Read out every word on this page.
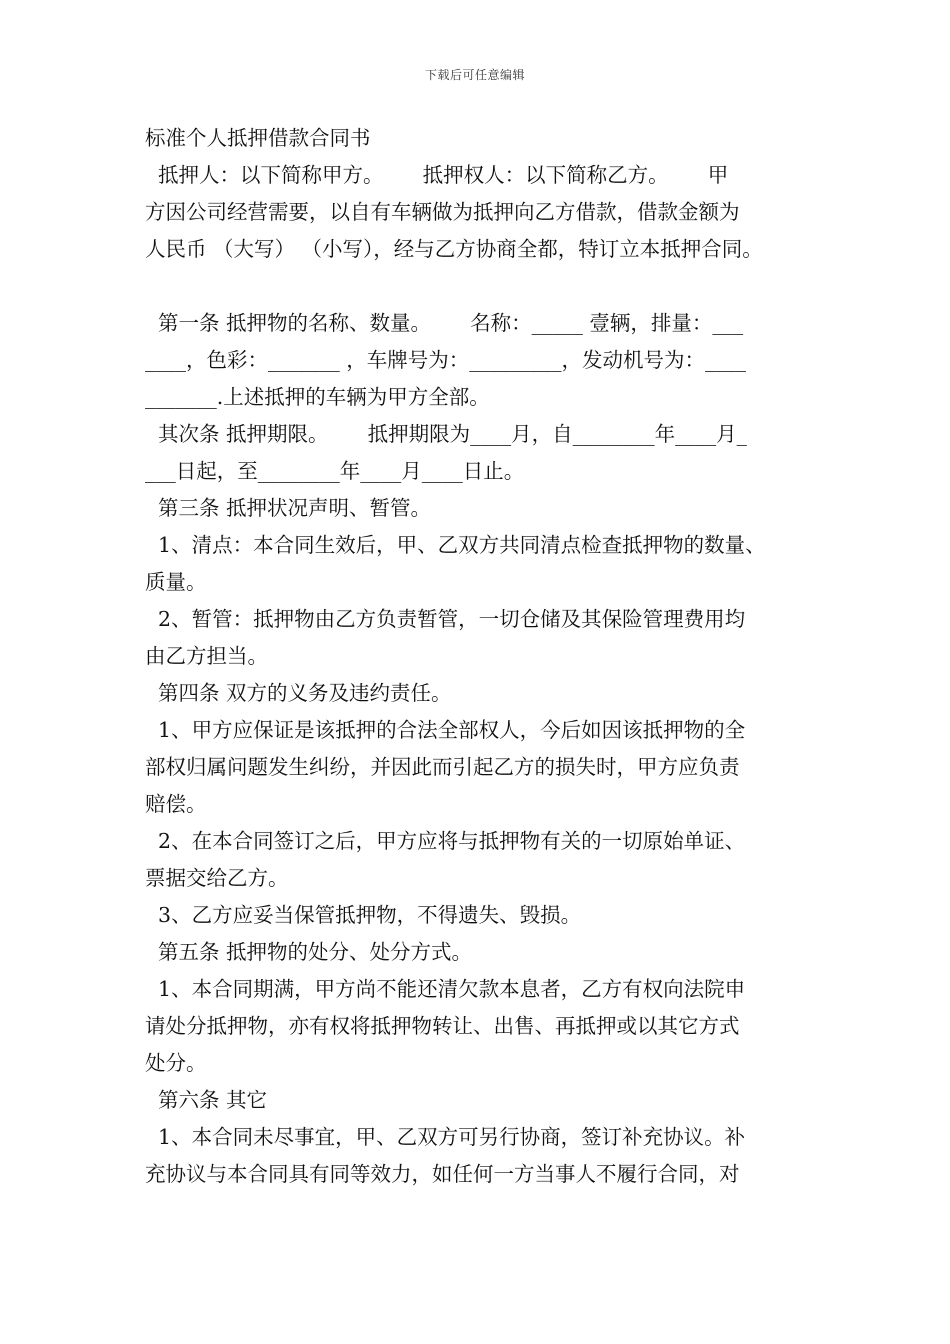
下载后可任意编辑
标准个人抵押借款合同书
抵押人：以下简称甲方。      抵押权人：以下简称乙方。      甲
方因公司经营需要，以自有车辆做为抵押向乙方借款，借款金额为
人民币 （大写） （小写），经与乙方协商全都，特订立本抵押合同。
第一条 抵押物的名称、数量。      名称：_____ 壹辆，排量：___
____，色彩：_______ ，车牌号为：_________，发动机号为：____
_______.上述抵押的车辆为甲方全部。
其次条 抵押期限。      抵押期限为____月，自________年____月_
___日起，至________年____月____日止。
第三条 抵押状况声明、暂管。
1、清点：本合同生效后，甲、乙双方共同清点检查抵押物的数量、
质量。
2、暂管：抵押物由乙方负责暂管，一切仓储及其保险管理费用均
由乙方担当。
第四条 双方的义务及违约责任。
1、甲方应保证是该抵押的合法全部权人，今后如因该抵押物的全
部权归属问题发生纠纷，并因此而引起乙方的损失时，甲方应负责
赔偿。
2、在本合同签订之后，甲方应将与抵押物有关的一切原始单证、
票据交给乙方。
3、乙方应妥当保管抵押物，不得遗失、毁损。
第五条 抵押物的处分、处分方式。
1、本合同期满，甲方尚不能还清欠款本息者，乙方有权向法院申
请处分抵押物，亦有权将抵押物转让、出售、再抵押或以其它方式
处分。
第六条 其它
1、本合同未尽事宜，甲、乙双方可另行协商，签订补充协议。补
充协议与本合同具有同等效力，如任何一方当事人不履行合同，对
